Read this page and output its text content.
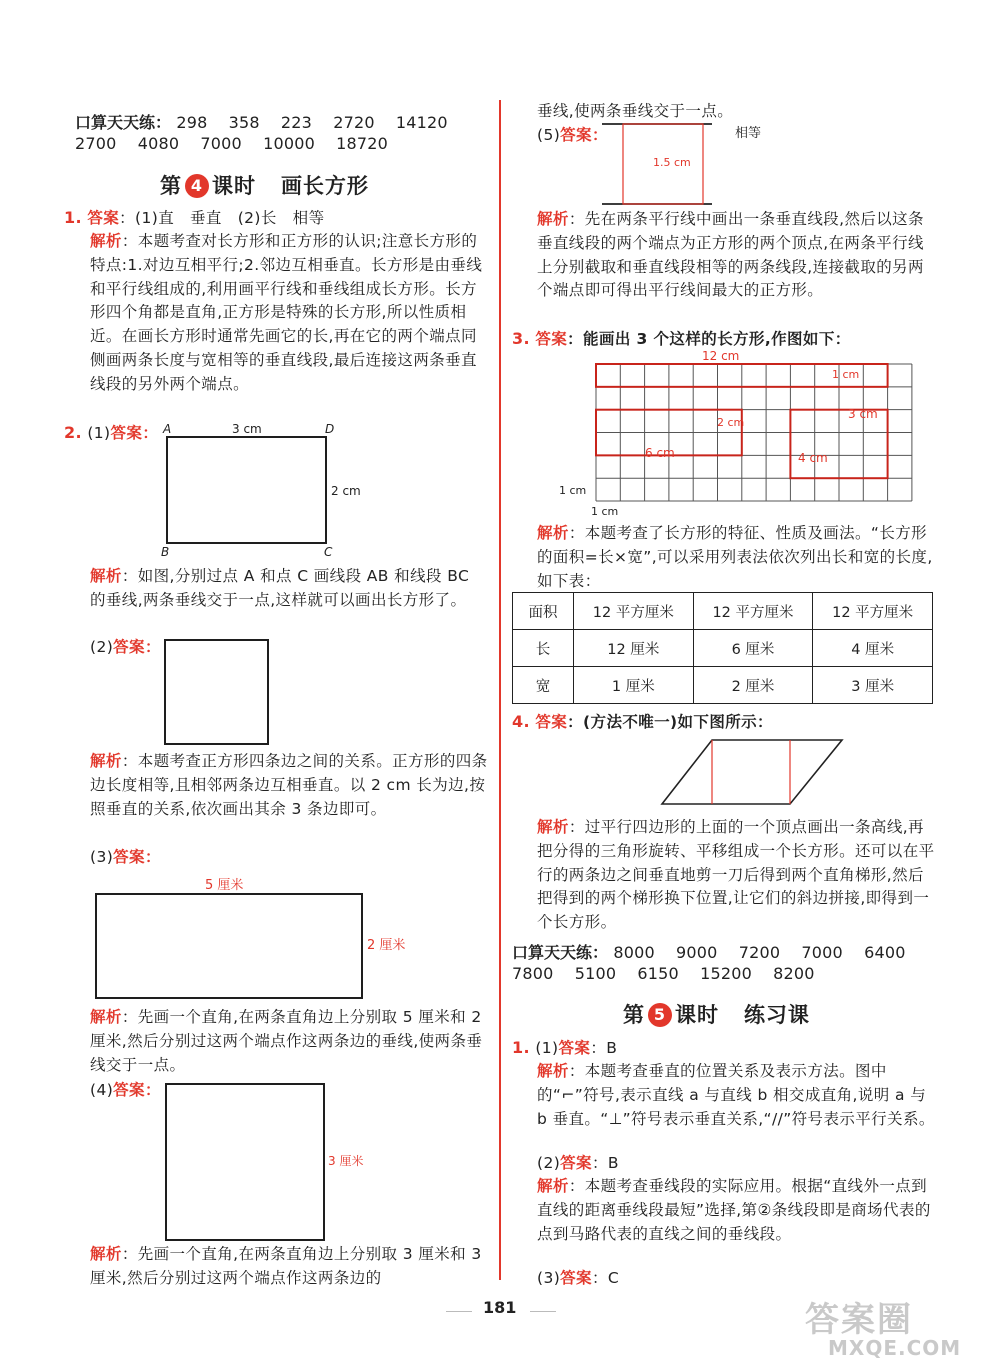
口算天天练： 298 358 223 2720 14120
2700 4080 7000 10000 18720
第 4 课时 画长方形
1. 答案：(1)直　垂直　(2)长　相等
解析：本题考查对长方形和正方形的认识;注意长方形的特点:1.对边互相平行;2.邻边互相垂直。长方形是由垂线和平行线组成的,利用画平行线和垂线组成长方形。长方形四个角都是直角,正方形是特殊的长方形,所以性质相近。在画长方形时通常先画它的长,再在它的两个端点同侧画两条长度与宽相等的垂直线段,最后连接这两条垂直线段的另外两个端点。
2. (1)答案： A	D
B	C
3 cm
2 cm
解析：如图,分别过点 A 和点 C 画线段 AB 和线段 BC 的垂线,两条垂线交于一点,这样就可以画出长方形了。
(2)答案：
解析：本题考查正方形四条边之间的关系。正方形的四条边长度相等,且相邻两条边互相垂直。以 2 cm 长为边,按照垂直的关系,依次画出其余 3 条边即可。
(3)答案：
5 厘米
2 厘米
解析：先画一个直角,在两条直角边上分别取 5 厘米和 2 厘米,然后分别过这两个端点作这两条边的垂线,使两条垂线交于一点。
(4)答案：
3 厘米
解析：先画一个直角,在两条直角边上分别取 3 厘米和 3 厘米,然后分别过这两个端点作这两条边的
垂线,使两条垂线交于一点。
(5)答案：
1.5 cm
相等
解析：先在两条平行线中画出一条垂直线段,然后以这条垂直线段的两个端点为正方形的两个顶点,在两条平行线上分别截取和垂直线段相等的两条线段,连接截取的另两个端点即可得出平行线间最大的正方形。
3. 答案：能画出 3 个这样的长方形,作图如下：
12 cm
1 cm
2 cm
6 cm	4 cm
3 cm
1 cm
1 cm
解析：本题考查了长方形的特征、性质及画法。“长方形的面积=长×宽”,可以采用列表法依次列出长和宽的长度,如下表：
面积	12 平方厘米	12 平方厘米	12 平方厘米
长	12 厘米	6 厘米	4 厘米
宽	1 厘米	2 厘米	3 厘米
4. 答案：(方法不唯一)如下图所示：
解析：过平行四边形的上面的一个顶点画出一条高线,再把分得的三角形旋转、平移组成一个长方形。还可以在平行的两条边之间垂直地剪一刀后得到两个直角梯形,然后把得到的两个梯形换下位置,让它们的斜边拼接,即得到一个长方形。
口算天天练： 8000 9000 7200 7000 6400
7800 5100 6150 15200 8200
第 5 课时 练习课
1. (1)答案：B
解析：本题考查垂直的位置关系及表示方法。图中的“⌐”符号,表示直线 a 与直线 b 相交成直角,说明 a 与 b 垂直。“⊥”符号表示垂直关系,“//”符号表示平行关系。
(2)答案：B
解析：本题考查垂线段的实际应用。根据“直线外一点到直线的距离垂线段最短”选择,第②条线段即是商场代表的点到马路代表的直线之间的垂线段。
(3)答案：C
181	答案圈
MXQE.COM
